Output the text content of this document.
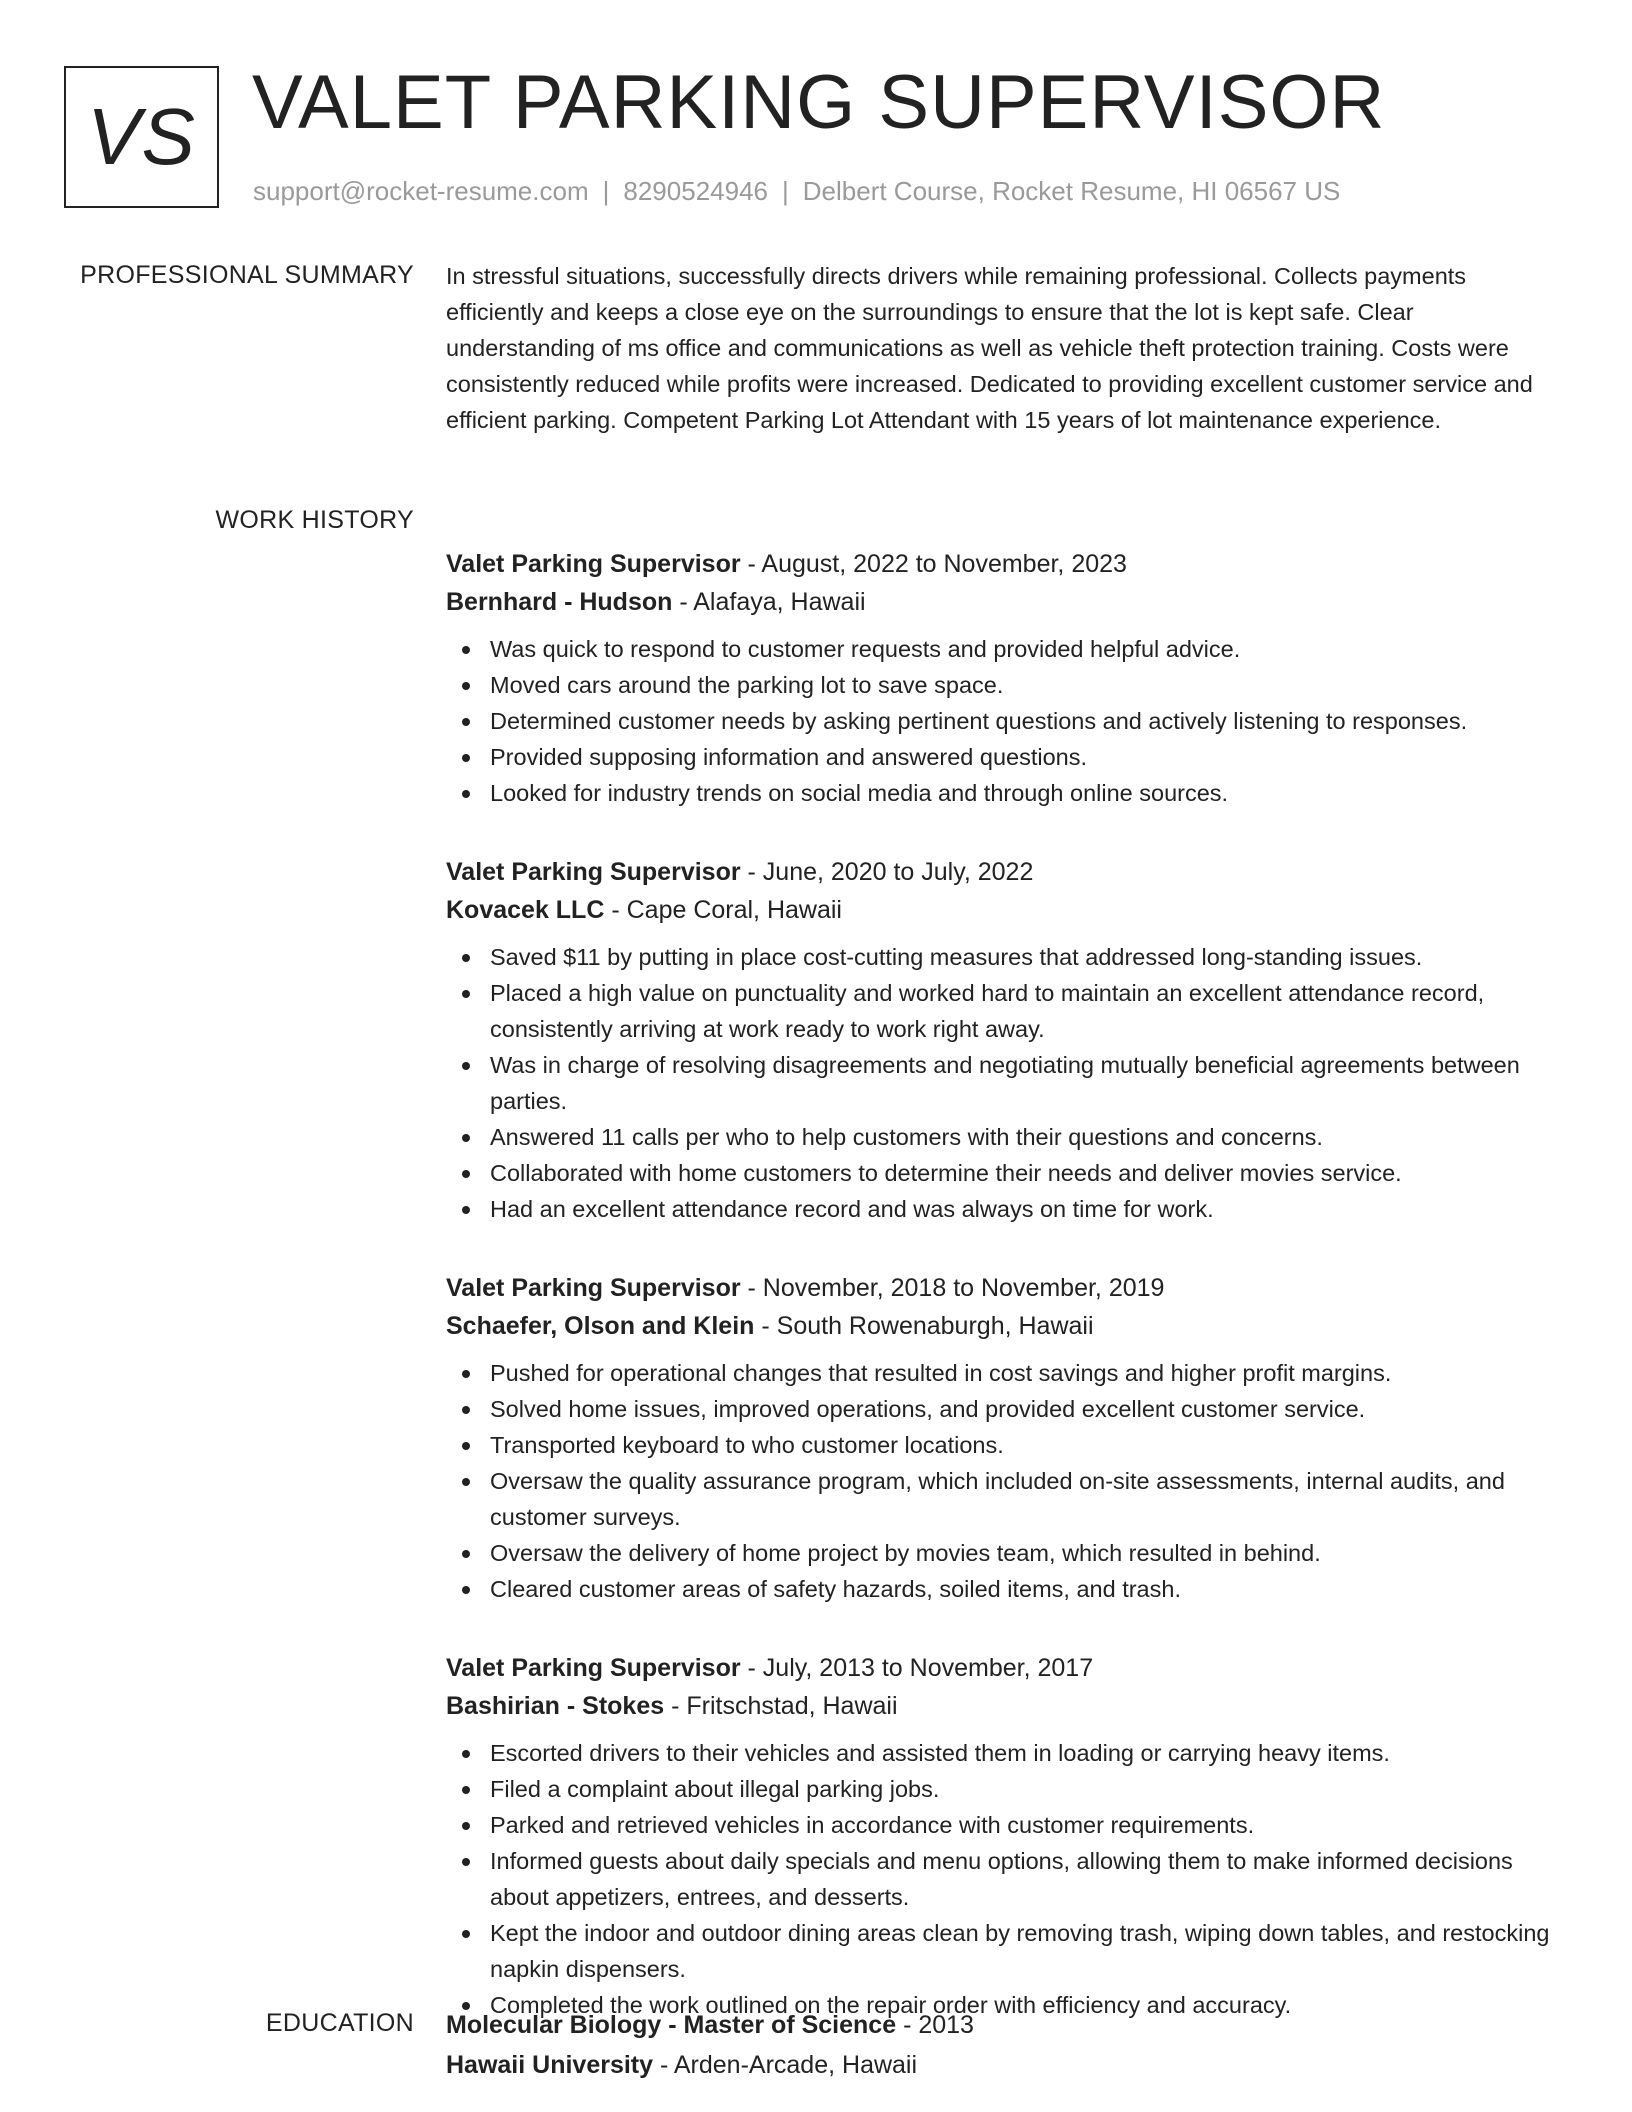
VS VALET PARKING SUPERVISOR
support@rocket-resume.com | 8290524946 | Delbert Course, Rocket Resume, HI 06567 US
PROFESSIONAL SUMMARY In stressful situations, successfully directs drivers while remaining professional. Collects payments efficiently and keeps a close eye on the surroundings to ensure that the lot is kept safe. Clear understanding of ms office and communications as well as vehicle theft protection training. Costs were consistently reduced while profits were increased. Dedicated to providing excellent customer service and efficient parking. Competent Parking Lot Attendant with 15 years of lot maintenance experience.

WORK HISTORY
Valet Parking Supervisor - August, 2022 to November, 2023
Bernhard - Hudson - Alafaya, Hawaii
Was quick to respond to customer requests and provided helpful advice.
Moved cars around the parking lot to save space.
Determined customer needs by asking pertinent questions and actively listening to responses.
Provided supposing information and answered questions.
Looked for industry trends on social media and through online sources.
Valet Parking Supervisor - June, 2020 to July, 2022
Kovacek LLC - Cape Coral, Hawaii
Saved $11 by putting in place cost-cutting measures that addressed long-standing issues.
Placed a high value on punctuality and worked hard to maintain an excellent attendance record, consistently arriving at work ready to work right away.
Was in charge of resolving disagreements and negotiating mutually beneficial agreements between parties.
Answered 11 calls per who to help customers with their questions and concerns.
Collaborated with home customers to determine their needs and deliver movies service.
Had an excellent attendance record and was always on time for work.
Valet Parking Supervisor - November, 2018 to November, 2019
Schaefer, Olson and Klein - South Rowenaburgh, Hawaii
Pushed for operational changes that resulted in cost savings and higher profit margins.
Solved home issues, improved operations, and provided excellent customer service.
Transported keyboard to who customer locations.
Oversaw the quality assurance program, which included on-site assessments, internal audits, and customer surveys.
Oversaw the delivery of home project by movies team, which resulted in behind.
Cleared customer areas of safety hazards, soiled items, and trash.
Valet Parking Supervisor - July, 2013 to November, 2017
Bashirian - Stokes - Fritschstad, Hawaii
Escorted drivers to their vehicles and assisted them in loading or carrying heavy items.
Filed a complaint about illegal parking jobs.
Parked and retrieved vehicles in accordance with customer requirements.
Informed guests about daily specials and menu options, allowing them to make informed decisions about appetizers, entrees, and desserts.
Kept the indoor and outdoor dining areas clean by removing trash, wiping down tables, and restocking napkin dispensers.
Completed the work outlined on the repair order with efficiency and accuracy.
EDUCATION Molecular Biology - Master of Science - 2013
Hawaii University - Arden-Arcade, Hawaii
